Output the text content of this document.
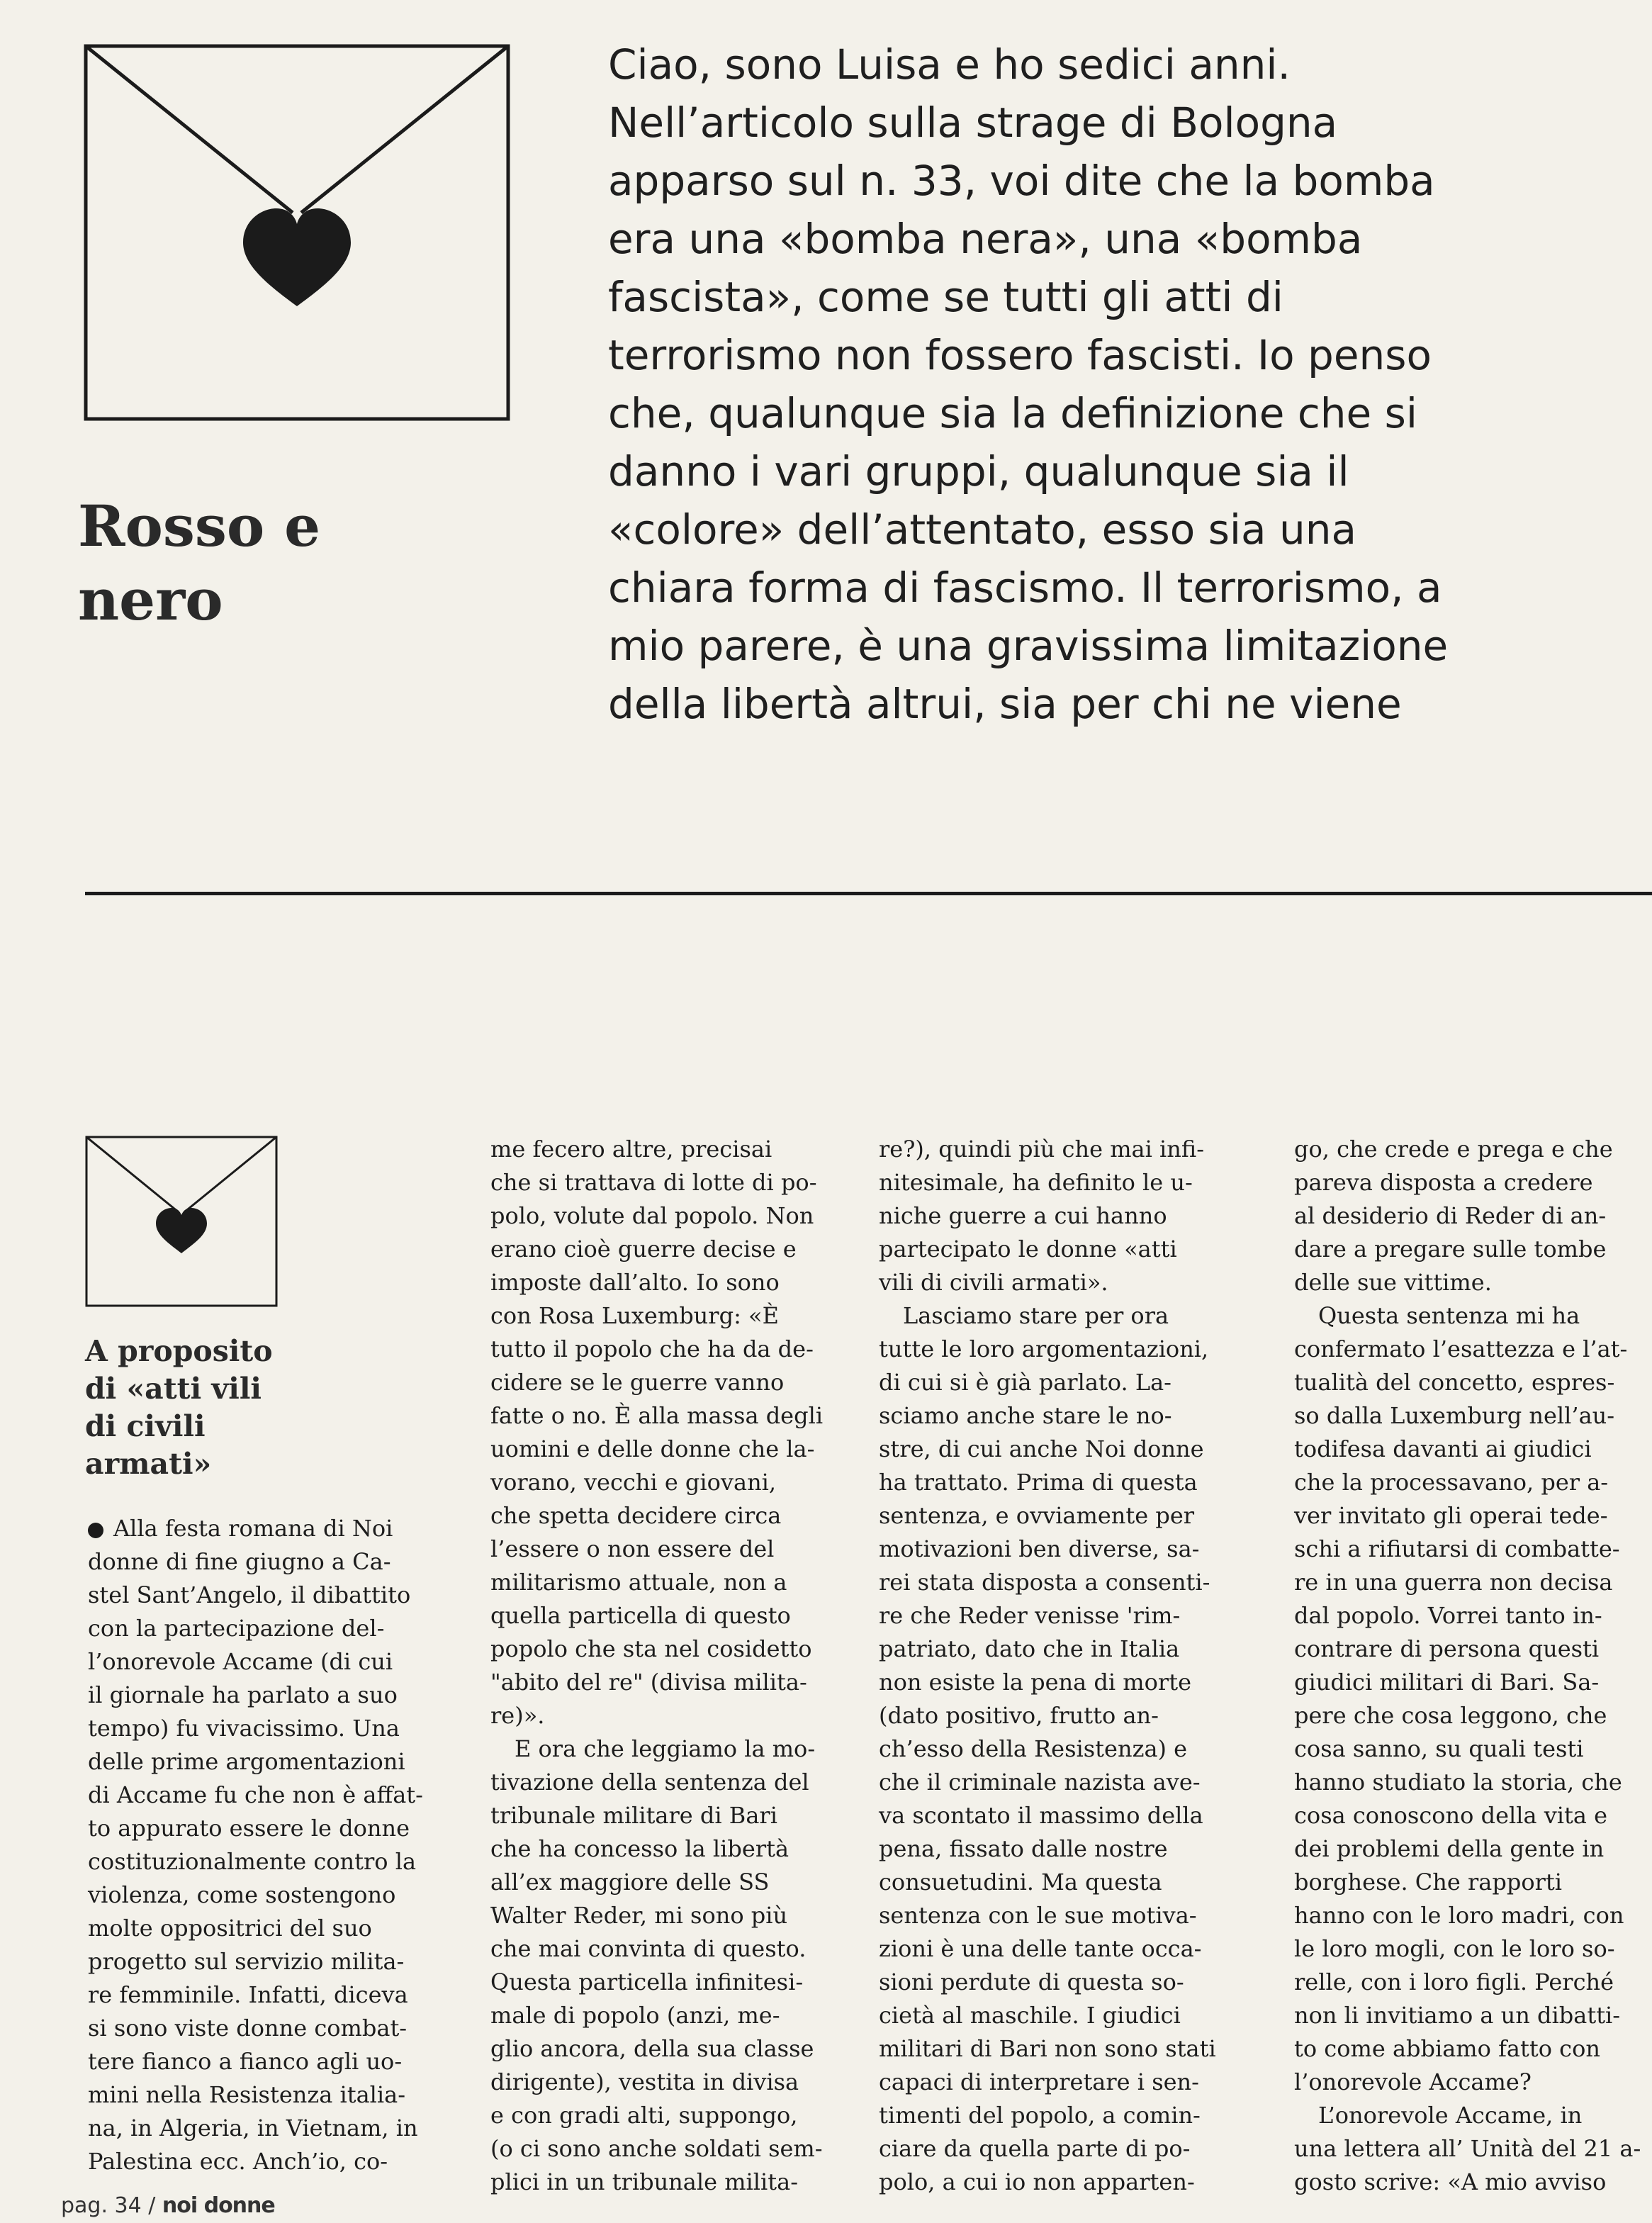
Rosso e
nero
Ciao, sono Luisa e ho sedici anni.
Nell’articolo sulla strage di Bologna
apparso sul n. 33, voi dite che la bomba
era una «bomba nera», una «bomba
fascista», come se tutti gli atti di
terrorismo non fossero fascisti. Io penso
che, qualunque sia la definizione che si
danno i vari gruppi, qualunque sia il
«colore» dell’attentato, esso sia una
chiara forma di fascismo. Il terrorismo, a
mio parere, è una gravissima limitazione
della libertà altrui, sia per chi ne viene
A proposito
di «atti vili
di civili
armati»
Alla festa romana di Noi
donne di fine giugno a Ca-
stel Sant’Angelo, il dibattito
con la partecipazione del-
l’onorevole Accame (di cui
il giornale ha parlato a suo
tempo) fu vivacissimo. Una
delle prime argomentazioni
di Accame fu che non è affat-
to appurato essere le donne
costituzionalmente contro la
violenza, come sostengono
molte oppositrici del suo
progetto sul servizio milita-
re femminile. Infatti, diceva
si sono viste donne combat-
tere fianco a fianco agli uo-
mini nella Resistenza italia-
na, in Algeria, in Vietnam, in
Palestina ecc. Anch’io, co-
me fecero altre, precisai
che si trattava di lotte di po-
polo, volute dal popolo. Non
erano cioè guerre decise e
imposte dall’alto. Io sono
con Rosa Luxemburg: «È
tutto il popolo che ha da de-
cidere se le guerre vanno
fatte o no. È alla massa degli
uomini e delle donne che la-
vorano, vecchi e giovani,
che spetta decidere circa
l’essere o non essere del
militarismo attuale, non a
quella particella di questo
popolo che sta nel cosidetto
"abito del re" (divisa milita-
re)».
E ora che leggiamo la mo-
tivazione della sentenza del
tribunale militare di Bari
che ha concesso la libertà
all’ex maggiore delle SS
Walter Reder, mi sono più
che mai convinta di questo.
Questa particella infinitesi-
male di popolo (anzi, me-
glio ancora, della sua classe
dirigente), vestita in divisa
e con gradi alti, suppongo,
(o ci sono anche soldati sem-
plici in un tribunale milita-
re?), quindi più che mai infi-
nitesimale, ha definito le u-
niche guerre a cui hanno
partecipato le donne «atti
vili di civili armati».
Lasciamo stare per ora
tutte le loro argomentazioni,
di cui si è già parlato. La-
sciamo anche stare le no-
stre, di cui anche Noi donne
ha trattato. Prima di questa
sentenza, e ovviamente per
motivazioni ben diverse, sa-
rei stata disposta a consenti-
re che Reder venisse 'rim-
patriato, dato che in Italia
non esiste la pena di morte
(dato positivo, frutto an-
ch’esso della Resistenza) e
che il criminale nazista ave-
va scontato il massimo della
pena, fissato dalle nostre
consuetudini. Ma questa
sentenza con le sue motiva-
zioni è una delle tante occa-
sioni perdute di questa so-
cietà al maschile. I giudici
militari di Bari non sono stati
capaci di interpretare i sen-
timenti del popolo, a comin-
ciare da quella parte di po-
polo, a cui io non apparten-
go, che crede e prega e che
pareva disposta a credere
al desiderio di Reder di an-
dare a pregare sulle tombe
delle sue vittime.
Questa sentenza mi ha
confermato l’esattezza e l’at-
tualità del concetto, espres-
so dalla Luxemburg nell’au-
todifesa davanti ai giudici
che la processavano, per a-
ver invitato gli operai tede-
schi a rifiutarsi di combatte-
re in una guerra non decisa
dal popolo. Vorrei tanto in-
contrare di persona questi
giudici militari di Bari. Sa-
pere che cosa leggono, che
cosa sanno, su quali testi
hanno studiato la storia, che
cosa conoscono della vita e
dei problemi della gente in
borghese. Che rapporti
hanno con le loro madri, con
le loro mogli, con le loro so-
relle, con i loro figli. Perché
non li invitiamo a un dibatti-
to come abbiamo fatto con
l’onorevole Accame?
L’onorevole Accame, in
una lettera all’ Unità del 21 a-
gosto scrive: «A mio avviso
pag. 34 / noi donne
